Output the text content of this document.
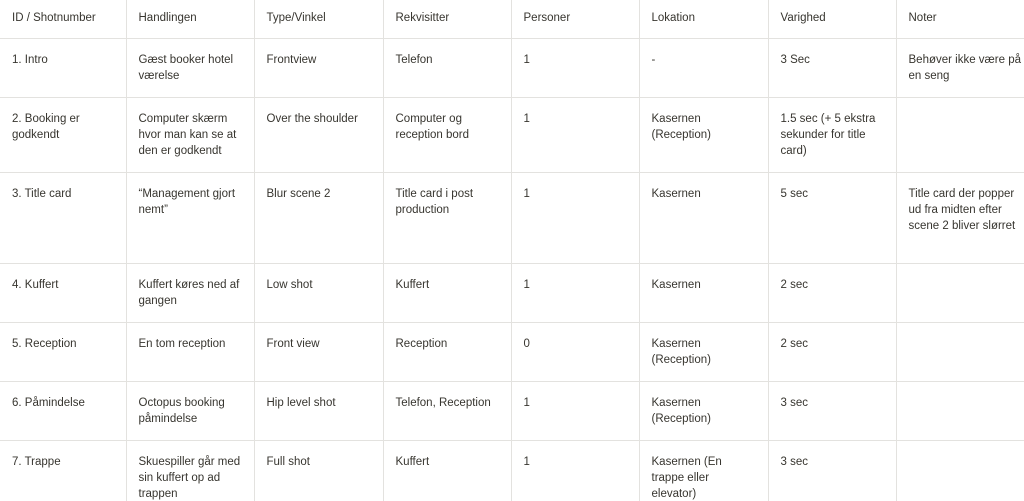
ID / Shotnumber	Handlingen	Type/Vinkel	Rekvisitter	Personer	Lokation	Varighed	Noter
1. Intro	Gæst booker hotel værelse	Frontview	Telefon	1	-	3 Sec	Behøver ikke være på en seng
2. Booking er godkendt	Computer skærm hvor man kan se at den er godkendt	Over the shoulder	Computer og reception bord	1	Kasernen (Reception)	1.5 sec (+ 5 ekstra sekunder for title card)	
3. Title card	“Management gjort nemt”	Blur scene 2	Title card i post production	1	Kasernen	5 sec	Title card der popper ud fra midten efter scene 2 bliver slørret
4. Kuffert	Kuffert køres ned af gangen	Low shot	Kuffert	1	Kasernen	2 sec	
5. Reception	En tom reception	Front view	Reception	0	Kasernen (Reception)	2 sec	
6. Påmindelse	Octopus booking påmindelse	Hip level shot	Telefon, Reception	1	Kasernen (Reception)	3 sec	
7. Trappe	Skuespiller går med sin kuffert op ad trappen	Full shot	Kuffert	1	Kasernen (En trappe eller elevator)	3 sec	
